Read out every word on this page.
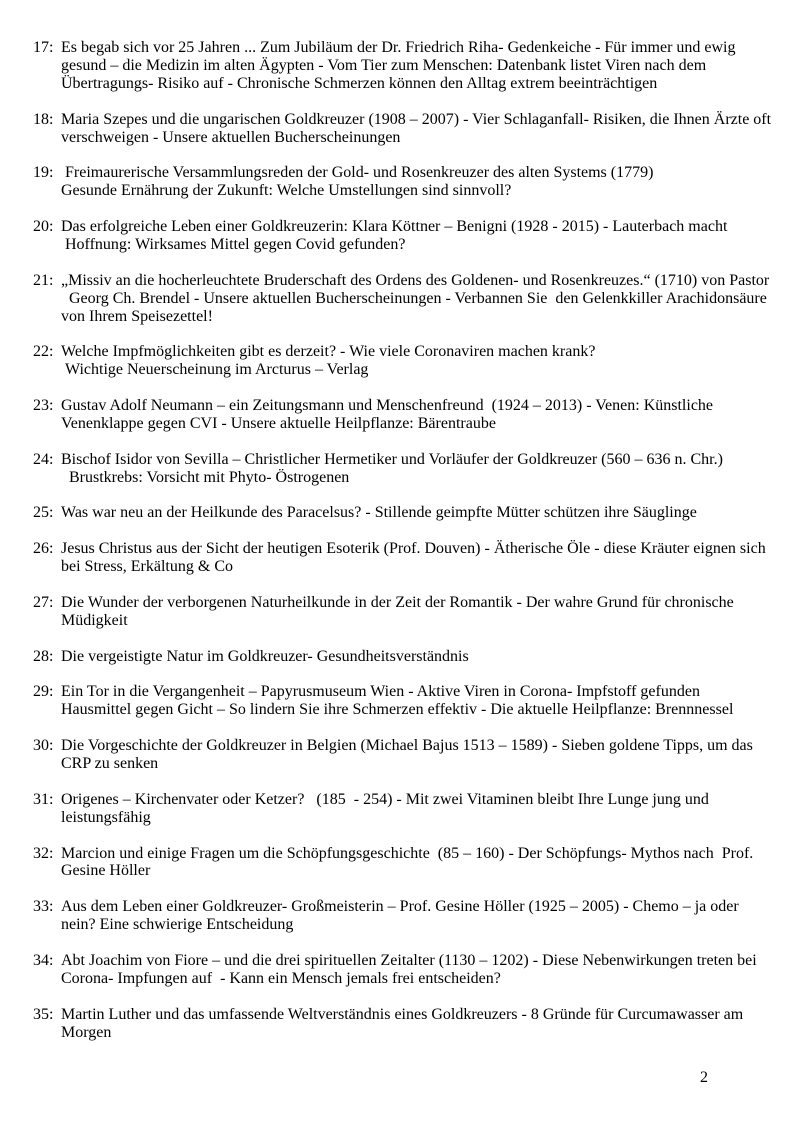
17: Es begab sich vor 25 Jahren ... Zum Jubiläum der Dr. Friedrich Riha- Gedenkeiche - Für immer und ewig
gesund – die Medizin im alten Ägypten - Vom Tier zum Menschen: Datenbank listet Viren nach dem
Übertragungs- Risiko auf - Chronische Schmerzen können den Alltag extrem beeinträchtigen
18: Maria Szepes und die ungarischen Goldkreuzer (1908 – 2007) - Vier Schlaganfall- Risiken, die Ihnen Ärzte oft
verschweigen - Unsere aktuellen Bucherscheinungen
19: Freimaurerische Versammlungsreden der Gold- und Rosenkreuzer des alten Systems (1779)
Gesunde Ernährung der Zukunft: Welche Umstellungen sind sinnvoll?
20: Das erfolgreiche Leben einer Goldkreuzerin: Klara Köttner – Benigni (1928 - 2015) - Lauterbach macht
Hoffnung: Wirksames Mittel gegen Covid gefunden?
21: „Missiv an die hocherleuchtete Bruderschaft des Ordens des Goldenen- und Rosenkreuzes.“ (1710) von Pastor
Georg Ch. Brendel - Unsere aktuellen Bucherscheinungen - Verbannen Sie  den Gelenkkiller Arachidonsäure
von Ihrem Speisezettel!
22: Welche Impfmöglichkeiten gibt es derzeit? - Wie viele Coronaviren machen krank?
Wichtige Neuerscheinung im Arcturus – Verlag
23: Gustav Adolf Neumann – ein Zeitungsmann und Menschenfreund  (1924 – 2013) - Venen: Künstliche
Venenklappe gegen CVI - Unsere aktuelle Heilpflanze: Bärentraube
24: Bischof Isidor von Sevilla – Christlicher Hermetiker und Vorläufer der Goldkreuzer (560 – 636 n. Chr.)
Brustkrebs: Vorsicht mit Phyto- Östrogenen
25: Was war neu an der Heilkunde des Paracelsus? - Stillende geimpfte Mütter schützen ihre Säuglinge
26: Jesus Christus aus der Sicht der heutigen Esoterik (Prof. Douven) - Ätherische Öle - diese Kräuter eignen sich
bei Stress, Erkältung & Co
27: Die Wunder der verborgenen Naturheilkunde in der Zeit der Romantik - Der wahre Grund für chronische
Müdigkeit
28: Die vergeistigte Natur im Goldkreuzer- Gesundheitsverständnis
29: Ein Tor in die Vergangenheit – Papyrusmuseum Wien - Aktive Viren in Corona- Impfstoff gefunden
Hausmittel gegen Gicht – So lindern Sie ihre Schmerzen effektiv - Die aktuelle Heilpflanze: Brennnessel
30: Die Vorgeschichte der Goldkreuzer in Belgien (Michael Bajus 1513 – 1589) - Sieben goldene Tipps, um das
CRP zu senken
31: Origenes – Kirchenvater oder Ketzer?   (185  - 254) - Mit zwei Vitaminen bleibt Ihre Lunge jung und
leistungsfähig
32: Marcion und einige Fragen um die Schöpfungsgeschichte  (85 – 160) - Der Schöpfungs- Mythos nach  Prof.
Gesine Höller
33: Aus dem Leben einer Goldkreuzer- Großmeisterin – Prof. Gesine Höller (1925 – 2005) - Chemo – ja oder
nein? Eine schwierige Entscheidung
34: Abt Joachim von Fiore – und die drei spirituellen Zeitalter (1130 – 1202) - Diese Nebenwirkungen treten bei
Corona- Impfungen auf  - Kann ein Mensch jemals frei entscheiden?
35: Martin Luther und das umfassende Weltverständnis eines Goldkreuzers - 8 Gründe für Curcumawasser am
Morgen
2
